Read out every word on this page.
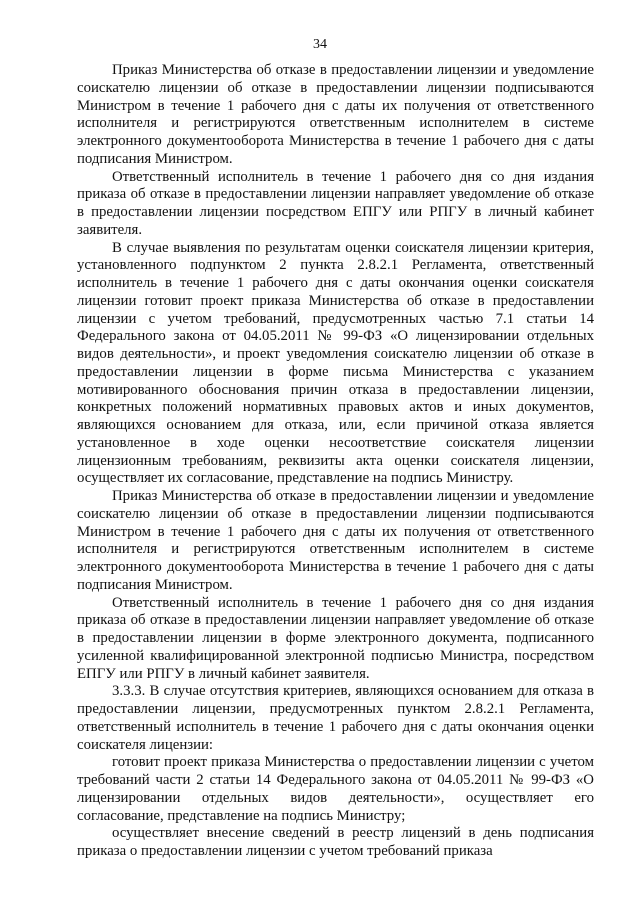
34

Приказ Министерства об отказе в предоставлении лицензии и уведомление соискателю лицензии об отказе в предоставлении лицензии подписываются Министром в течение 1 рабочего дня с даты их получения от ответственного исполнителя и регистрируются ответственным исполнителем в системе электронного документооборота Министерства в течение 1 рабочего дня с даты подписания Министром.

Ответственный исполнитель в течение 1 рабочего дня со дня издания приказа об отказе в предоставлении лицензии направляет уведомление об отказе в предоставлении лицензии посредством ЕПГУ или РПГУ в личный кабинет заявителя.

В случае выявления по результатам оценки соискателя лицензии критерия, установленного подпунктом 2 пункта 2.8.2.1 Регламента, ответственный исполнитель в течение 1 рабочего дня с даты окончания оценки соискателя лицензии готовит проект приказа Министерства об отказе в предоставлении лицензии с учетом требований, предусмотренных частью 7.1 статьи 14 Федерального закона от 04.05.2011 № 99-ФЗ «О лицензировании отдельных видов деятельности», и проект уведомления соискателю лицензии об отказе в предоставлении лицензии в форме письма Министерства с указанием мотивированного обоснования причин отказа в предоставлении лицензии, конкретных положений нормативных правовых актов и иных документов, являющихся основанием для отказа, или, если причиной отказа является установленное в ходе оценки несоответствие соискателя лицензии лицензионным требованиям, реквизиты акта оценки соискателя лицензии, осуществляет их согласование, представление на подпись Министру.

Приказ Министерства об отказе в предоставлении лицензии и уведомление соискателю лицензии об отказе в предоставлении лицензии подписываются Министром в течение 1 рабочего дня с даты их получения от ответственного исполнителя и регистрируются ответственным исполнителем в системе электронного документооборота Министерства в течение 1 рабочего дня с даты подписания Министром.

Ответственный исполнитель в течение 1 рабочего дня со дня издания приказа об отказе в предоставлении лицензии направляет уведомление об отказе в предоставлении лицензии в форме электронного документа, подписанного усиленной квалифицированной электронной подписью Министра, посредством ЕПГУ или РПГУ в личный кабинет заявителя.

3.3.3. В случае отсутствия критериев, являющихся основанием для отказа в предоставлении лицензии, предусмотренных пунктом 2.8.2.1 Регламента, ответственный исполнитель в течение 1 рабочего дня с даты окончания оценки соискателя лицензии:

готовит проект приказа Министерства о предоставлении лицензии с учетом требований части 2 статьи 14 Федерального закона от 04.05.2011 № 99-ФЗ «О лицензировании отдельных видов деятельности», осуществляет его согласование, представление на подпись Министру;

осуществляет внесение сведений в реестр лицензий в день подписания приказа о предоставлении лицензии с учетом требований приказа
